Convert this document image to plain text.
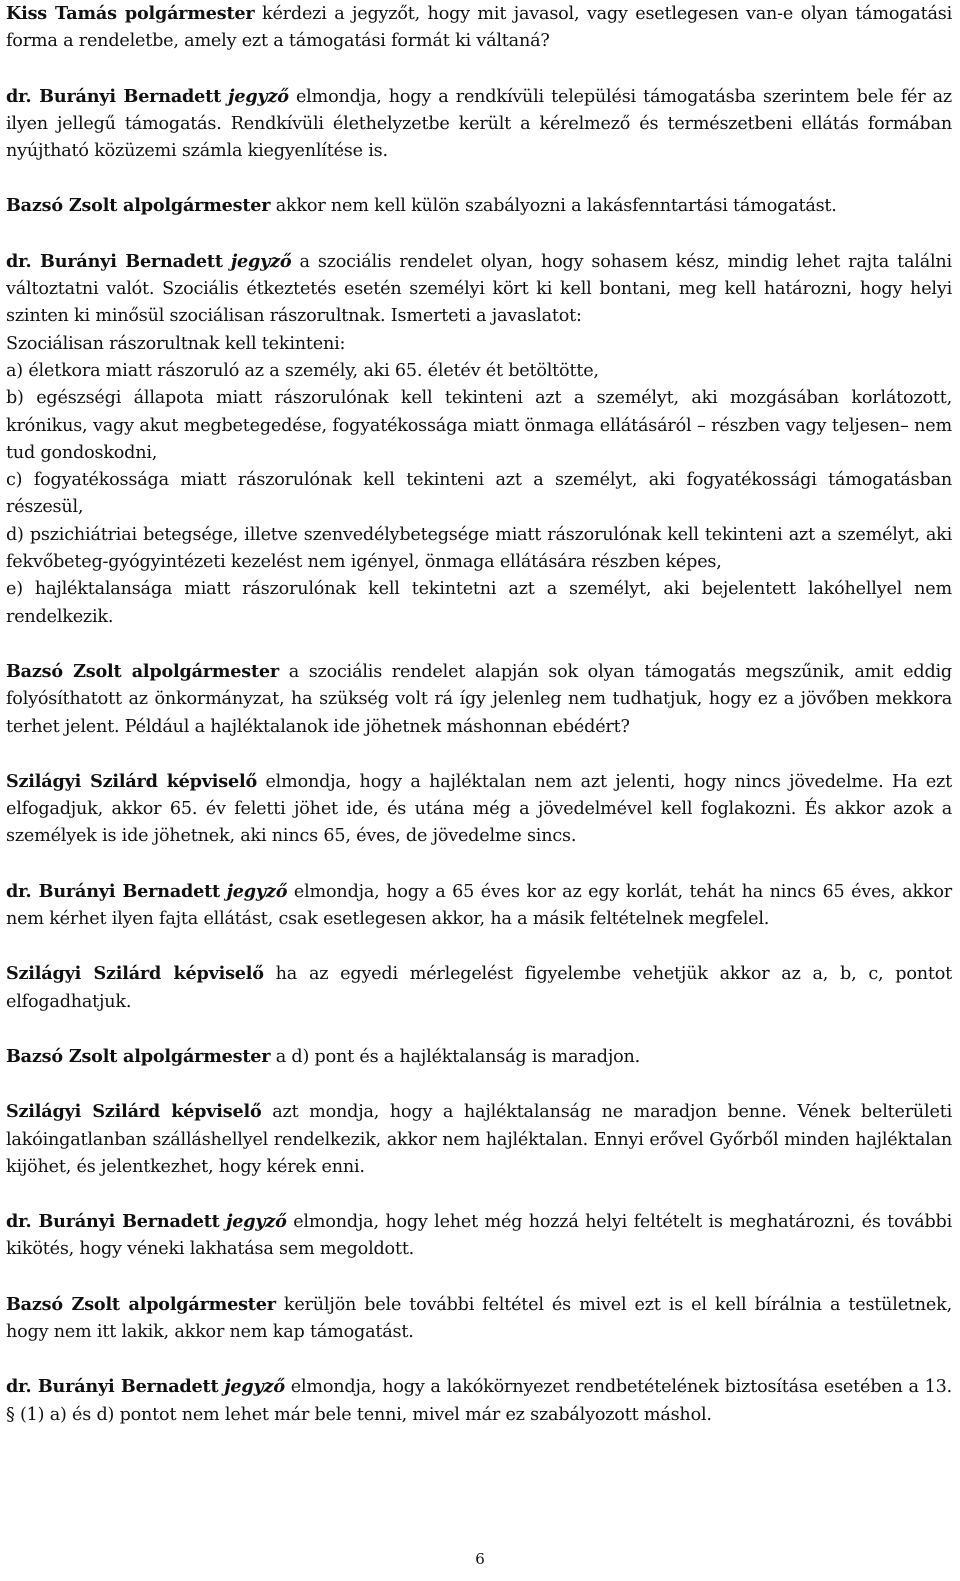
Kiss Tamás polgármester kérdezi a jegyzőt, hogy mit javasol, vagy esetlegesen van-e olyan támogatási forma a rendeletbe, amely ezt a támogatási formát ki váltaná?

dr. Burányi Bernadett jegyző elmondja, hogy a rendkívüli települési támogatásba szerintem bele fér az ilyen jellegű támogatás. Rendkívüli élethelyzetbe került a kérelmező és természetbeni ellátás formában nyújtható közüzemi számla kiegyenlítése is.

Bazsó Zsolt alpolgármester akkor nem kell külön szabályozni a lakásfenntartási támogatást.

dr. Burányi Bernadett jegyző a szociális rendelet olyan, hogy sohasem kész, mindig lehet rajta találni változtatni valót. Szociális étkeztetés esetén személyi kört ki kell bontani, meg kell határozni, hogy helyi szinten ki minősül szociálisan rászorultnak. Ismerteti a javaslatot:

Szociálisan rászorultnak kell tekinteni:

a) életkora miatt rászoruló az a személy, aki 65. életév ét betöltötte,

b) egészségi állapota miatt rászorulónak kell tekinteni azt a személyt, aki mozgásában korlátozott, krónikus, vagy akut megbetegedése, fogyatékossága miatt önmaga ellátásáról – részben vagy teljesen– nem tud gondoskodni,

c) fogyatékossága miatt rászorulónak kell tekinteni azt a személyt, aki fogyatékossági támogatásban részesül,

d) pszichiátriai betegsége, illetve szenvedélybetegsége miatt rászorulónak kell tekinteni azt a személyt, aki fekvőbeteg-gyógyintézeti kezelést nem igényel, önmaga ellátására részben képes,

e) hajléktalansága miatt rászorulónak kell tekintetni azt a személyt, aki bejelentett lakóhellyel nem rendelkezik.

Bazsó Zsolt alpolgármester a szociális rendelet alapján sok olyan támogatás megszűnik, amit eddig folyósíthatott az önkormányzat, ha szükség volt rá így jelenleg nem tudhatjuk, hogy ez a jövőben mekkora terhet jelent. Például a hajléktalanok ide jöhetnek máshonnan ebédért?

Szilágyi Szilárd képviselő elmondja, hogy a hajléktalan nem azt jelenti, hogy nincs jövedelme. Ha ezt elfogadjuk, akkor 65. év feletti jöhet ide, és utána még a jövedelmével kell foglakozni. És akkor azok a személyek is ide jöhetnek, aki nincs 65, éves, de jövedelme sincs.

dr. Burányi Bernadett jegyző elmondja, hogy a 65 éves kor az egy korlát, tehát ha nincs 65 éves, akkor nem kérhet ilyen fajta ellátást, csak esetlegesen akkor, ha a másik feltételnek megfelel.

Szilágyi Szilárd képviselő ha az egyedi mérlegelést figyelembe vehetjük akkor az a, b, c, pontot elfogadhatjuk.

Bazsó Zsolt alpolgármester a d) pont és a hajléktalanság is maradjon.

Szilágyi Szilárd képviselő azt mondja, hogy a hajléktalanság ne maradjon benne. Vének belterületi lakóingatlanban szálláshellyel rendelkezik, akkor nem hajléktalan. Ennyi erővel Győrből minden hajléktalan kijöhet, és jelentkezhet, hogy kérek enni.

dr. Burányi Bernadett jegyző elmondja, hogy lehet még hozzá helyi feltételt is meghatározni, és további kikötés, hogy véneki lakhatása sem megoldott.

Bazsó Zsolt alpolgármester kerüljön bele további feltétel és mivel ezt is el kell bírálnia a testületnek, hogy nem itt lakik, akkor nem kap támogatást.

dr. Burányi Bernadett jegyző elmondja, hogy a lakókörnyezet rendbetételének biztosítása esetében a 13. § (1) a) és d) pontot nem lehet már bele tenni, mivel már ez szabályozott máshol.

6
